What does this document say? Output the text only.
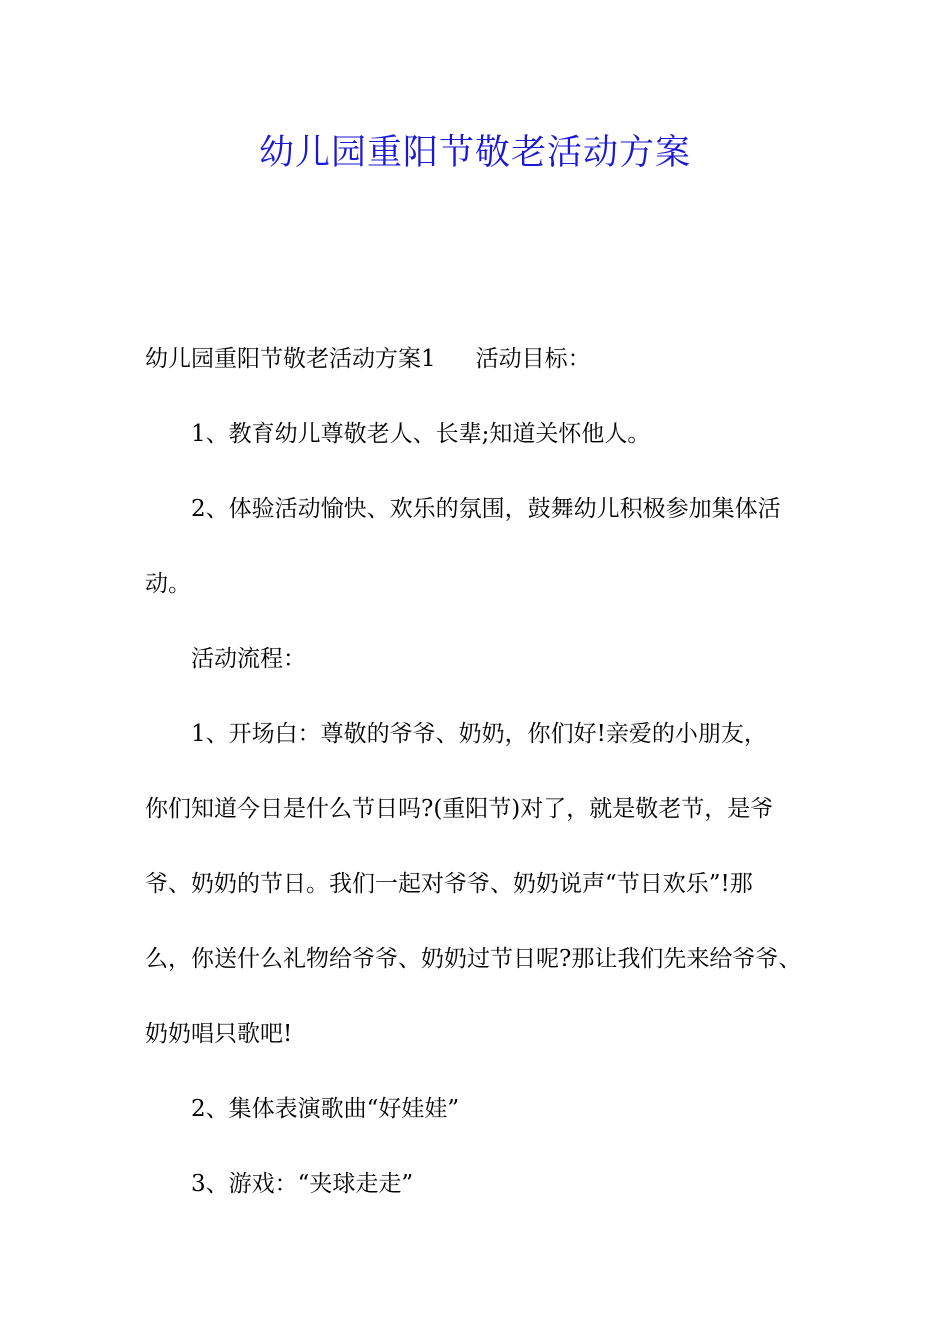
幼儿园重阳节敬老活动方案
幼儿园重阳节敬老活动方案1 活动目标：
1、教育幼儿尊敬老人、长辈;知道关怀他人。
2、体验活动愉快、欢乐的氛围，鼓舞幼儿积极参加集体活
动。
活动流程：
1、开场白：尊敬的爷爷、奶奶，你们好!亲爱的小朋友，
你们知道今日是什么节日吗?(重阳节)对了，就是敬老节，是爷
爷、奶奶的节日。我们一起对爷爷、奶奶说声“节日欢乐”!那
么，你送什么礼物给爷爷、奶奶过节日呢?那让我们先来给爷爷、
奶奶唱只歌吧!
2、集体表演歌曲“好娃娃”
3、游戏：“夹球走走”
